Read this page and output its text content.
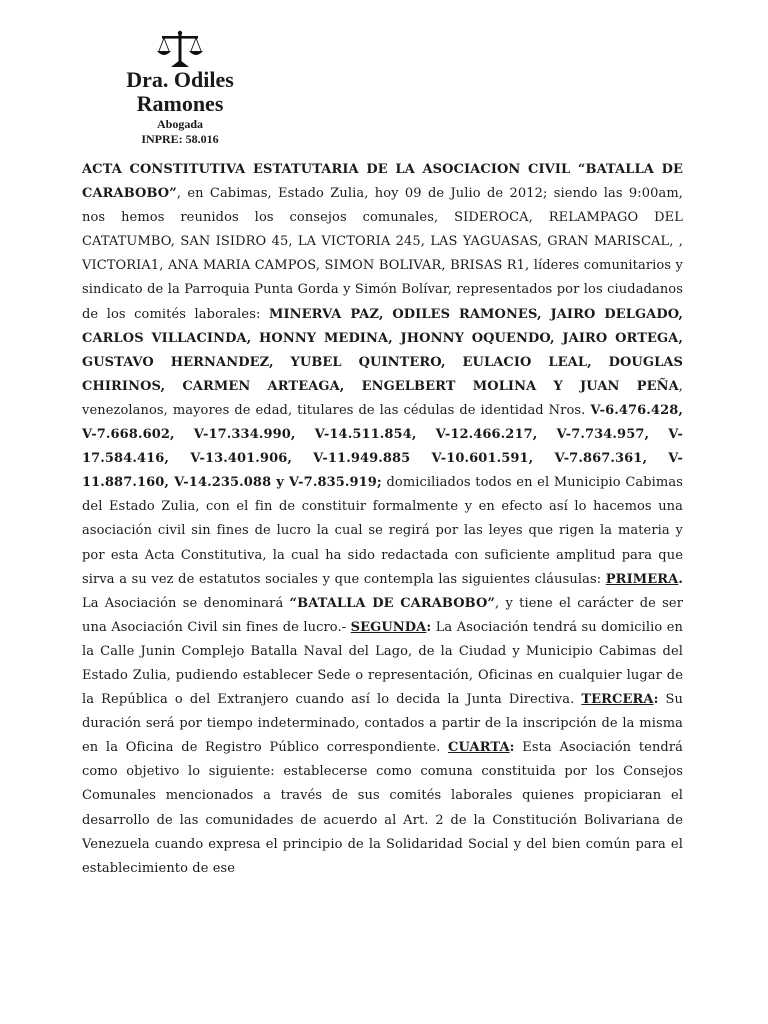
Dra. Odiles
Ramones
Abogada
INPRE: 58.016

ACTA CONSTITUTIVA ESTATUTARIA DE LA ASOCIACION CIVIL “BATALLA DE CARABOBO”, en Cabimas, Estado Zulia, hoy 09 de Julio de 2012; siendo las 9:00am, nos hemos reunidos los consejos comunales, SIDEROCA, RELAMPAGO DEL CATATUMBO, SAN ISIDRO 45, LA VICTORIA 245, LAS YAGUASAS, GRAN MARISCAL, , VICTORIA1, ANA MARIA CAMPOS, SIMON BOLIVAR, BRISAS R1, líderes comunitarios y sindicato de la Parroquia Punta Gorda y Simón Bolívar, representados por los ciudadanos de los comités laborales: MINERVA PAZ, ODILES RAMONES, JAIRO DELGADO, CARLOS VILLACINDA, HONNY MEDINA, JHONNY OQUENDO, JAIRO ORTEGA, GUSTAVO HERNANDEZ, YUBEL QUINTERO, EULACIO LEAL, DOUGLAS CHIRINOS, CARMEN ARTEAGA, ENGELBERT MOLINA Y JUAN PEÑA, venezolanos, mayores de edad, titulares de las cédulas de identidad Nros. V-6.476.428, V-7.668.602, V-17.334.990, V-14.511.854, V-12.466.217, V-7.734.957, V-17.584.416, V-13.401.906, V-11.949.885 V-10.601.591, V-7.867.361, V-11.887.160, V-14.235.088 y V-7.835.919; domiciliados todos en el Municipio Cabimas del Estado Zulia, con el fin de constituir formalmente y en efecto así lo hacemos una asociación civil sin fines de lucro la cual se regirá por las leyes que rigen la materia y por esta Acta Constitutiva, la cual ha sido redactada con suficiente amplitud para que sirva a su vez de estatutos sociales y que contempla las siguientes cláusulas: PRIMERA. La Asociación se denominará “BATALLA DE CARABOBO”, y tiene el carácter de ser una Asociación Civil sin fines de lucro.- SEGUNDA: La Asociación tendrá su domicilio en la Calle Junin Complejo Batalla Naval del Lago, de la Ciudad y Municipio Cabimas del Estado Zulia, pudiendo establecer Sede o representación, Oficinas en cualquier lugar de la República o del Extranjero cuando así lo decida la Junta Directiva. TERCERA: Su duración será por tiempo indeterminado, contados a partir de la inscripción de la misma en la Oficina de Registro Público correspondiente. CUARTA: Esta Asociación tendrá como objetivo lo siguiente: establecerse como comuna constituida por los Consejos Comunales mencionados a través de sus comités laborales quienes propiciaran el desarrollo de las comunidades de acuerdo al Art. 2 de la Constitución Bolivariana de Venezuela cuando expresa el principio de la Solidaridad Social y del bien común para el establecimiento de ese
